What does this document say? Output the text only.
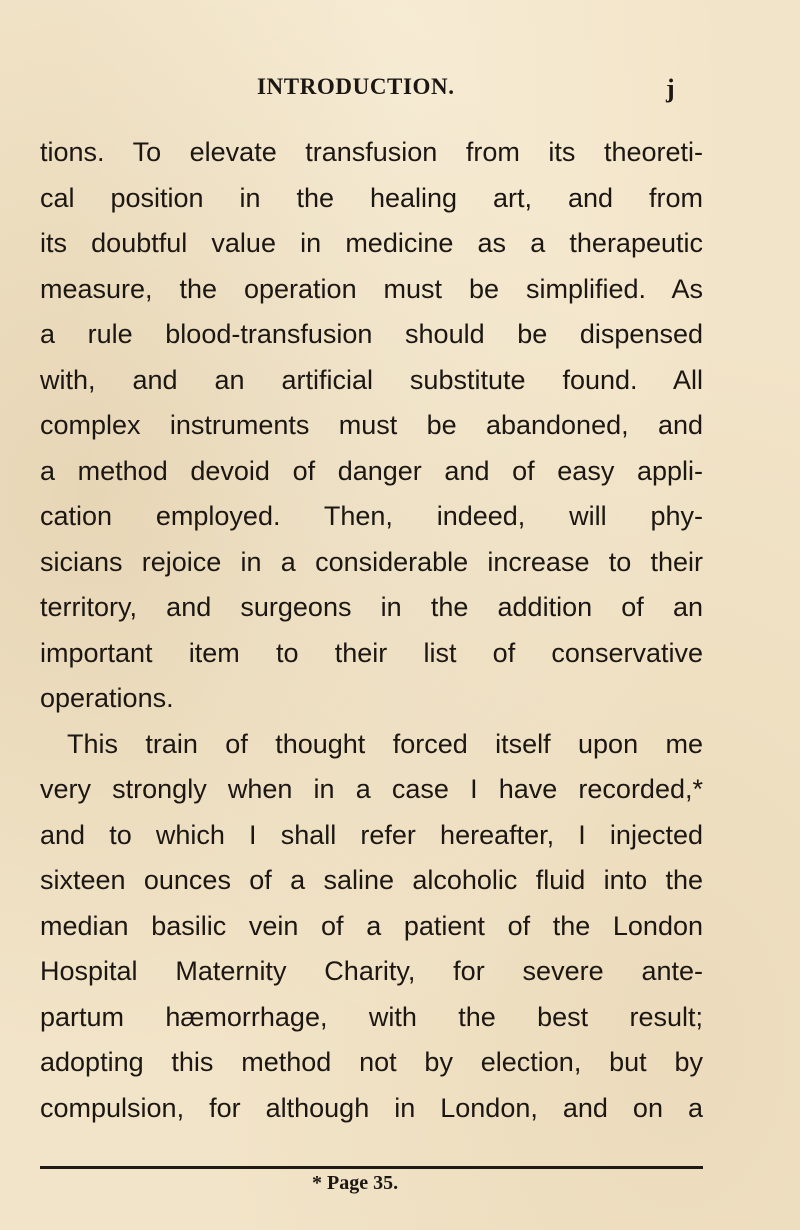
INTRODUCTION.	j
tions. To elevate transfusion from its theoreti-
cal position in the healing art, and from
its doubtful value in medicine as a therapeutic
measure, the operation must be simplified. As
a rule blood-transfusion should be dispensed
with, and an artificial substitute found. All
complex instruments must be abandoned, and
a method devoid of danger and of easy appli-
cation employed. Then, indeed, will phy-
sicians rejoice in a considerable increase to their
territory, and surgeons in the addition of an
important item to their list of conservative
operations.
This train of thought forced itself upon me
very strongly when in a case I have recorded,*
and to which I shall refer hereafter, I injected
sixteen ounces of a saline alcoholic fluid into the
median basilic vein of a patient of the London
Hospital Maternity Charity, for severe ante-
partum hæmorrhage, with the best result;
adopting this method not by election, but by
compulsion, for although in London, and on a
* Page 35.
